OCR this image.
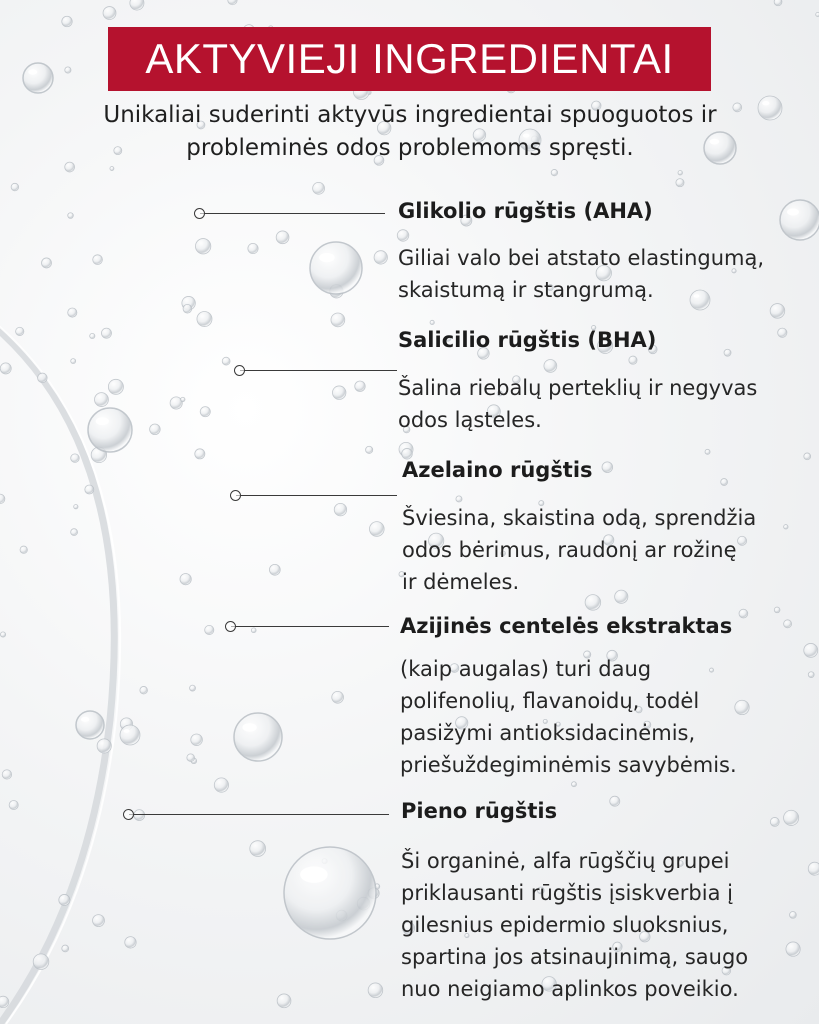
AKTYVIEJI INGREDIENTAI
Unikaliai suderinti aktyvūs ingredientai spuoguotos ir
probleminės odos problemoms spręsti.
Glikolio rūgštis (AHA)
Giliai valo bei atstato elastingumą,
skaistumą ir stangrumą.
Salicilio rūgštis (BHA)
Šalina riebalų perteklių ir negyvas
odos ląsteles.
Azelaino rūgštis
Šviesina, skaistina odą, sprendžia
odos bėrimus, raudonį ar rožinę
ir dėmeles.
Azijinės centelės ekstraktas
(kaip augalas) turi daug
polifenolių, flavanoidų, todėl
pasižymi antioksidacinėmis,
priešuždegiminėmis savybėmis.
Pieno rūgštis
Ši organinė, alfa rūgščių grupei
priklausanti rūgštis įsiskverbia į
gilesnius epidermio sluoksnius,
spartina jos atsinaujinimą, saugo
nuo neigiamo aplinkos poveikio.
